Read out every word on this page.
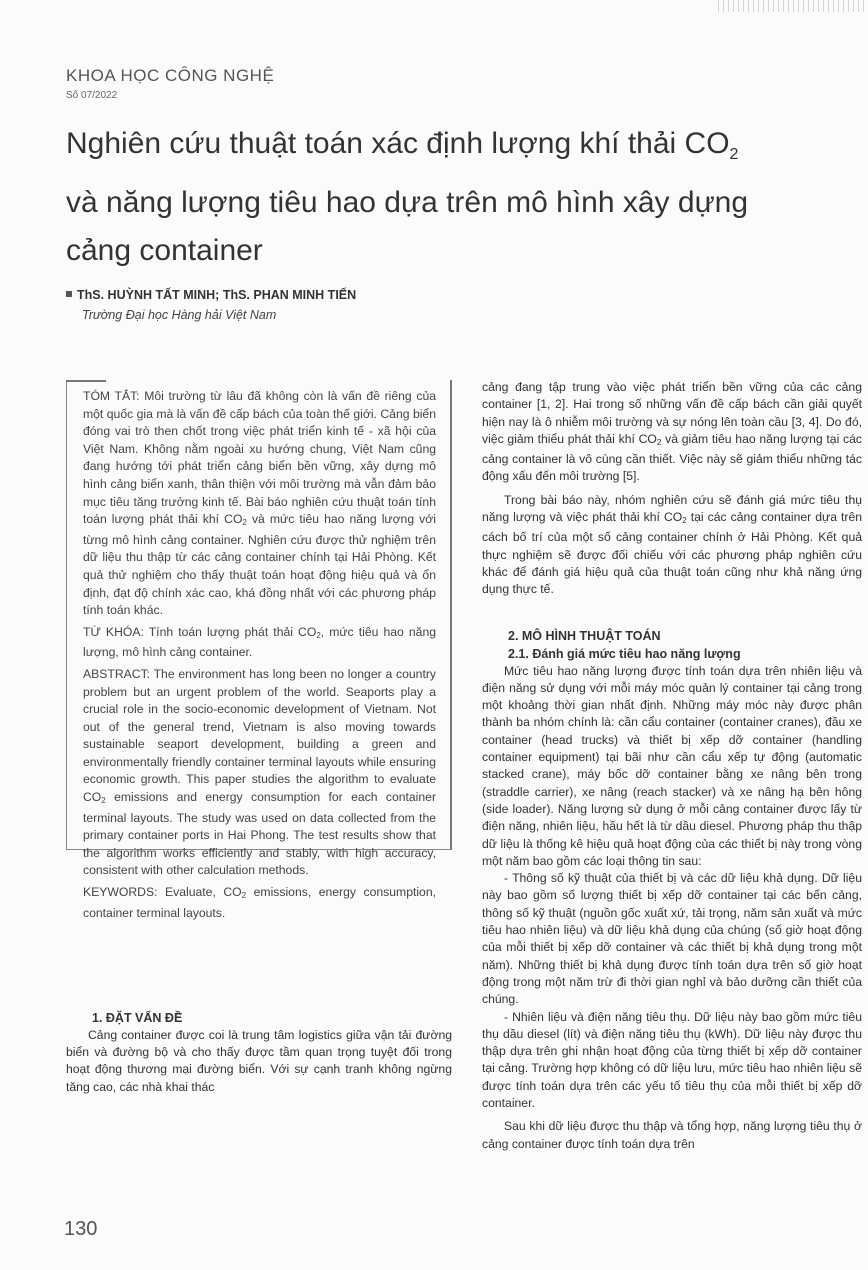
KHOA HỌC CÔNG NGHỆ
Số 07/2022
Nghiên cứu thuật toán xác định lượng khí thải $CO_2$
và năng lượng tiêu hao dựa trên mô hình xây dựng
cảng container
ThS. HUỲNH TẤT MINH; ThS. PHAN MINH TIẾN
Trường Đại học Hàng hải Việt Nam

TÓM TẮT: Môi trường từ lâu đã không còn là vấn đề riêng của một quốc gia mà là vấn đề cấp bách của toàn thế giới. Cảng biển đóng vai trò then chốt trong việc phát triển kinh tế - xã hội của Việt Nam. Không nằm ngoài xu hướng chung, Việt Nam cũng đang hướng tới phát triển cảng biển bền vững, xây dựng mô hình cảng biển xanh, thân thiện với môi trường mà vẫn đảm bảo mục tiêu tăng trưởng kinh tế. Bài báo nghiên cứu thuật toán tính toán lượng phát thải khí $CO_2$ và mức tiêu hao năng lượng với từng mô hình cảng container. Nghiên cứu được thử nghiệm trên dữ liệu thu thập từ các cảng container chính tại Hải Phòng. Kết quả thử nghiệm cho thấy thuật toán hoạt động hiệu quả và ổn định, đạt độ chính xác cao, khá đồng nhất với các phương pháp tính toán khác.

TỪ KHÓA: Tính toán lượng phát thải $CO_2$, mức tiêu hao năng lượng, mô hình cảng container.

ABSTRACT: The environment has long been no longer a country problem but an urgent problem of the world. Seaports play a crucial role in the socio-economic development of Vietnam. Not out of the general trend, Vietnam is also moving towards sustainable seaport development, building a green and environmentally friendly container terminal layouts while ensuring economic growth. This paper studies the algorithm to evaluate $CO_2$ emissions and energy consumption for each container terminal layouts. The study was used on data collected from the primary container ports in Hai Phong. The test results show that the algorithm works efficiently and stably, with high accuracy, consistent with other calculation methods.

KEYWORDS: Evaluate, $CO_2$ emissions, energy consumption, container terminal layouts.

1. ĐẶT VẤN ĐỀ

Cảng container được coi là trung tâm logistics giữa vận tải đường biển và đường bộ và cho thấy được tầm quan trọng tuyệt đối trong hoạt động thương mại đường biển. Với sự cạnh tranh không ngừng tăng cao, các nhà khai thác

cảng đang tập trung vào việc phát triển bền vững của các cảng container [1, 2]. Hai trong số những vấn đề cấp bách cần giải quyết hiện nay là ô nhiễm môi trường và sự nóng lên toàn cầu [3, 4]. Do đó, việc giảm thiểu phát thải khí $CO_2$ và giảm tiêu hao năng lượng tại các cảng container là vô cùng cần thiết. Việc này sẽ giảm thiểu những tác động xấu đến môi trường [5].

Trong bài báo này, nhóm nghiên cứu sẽ đánh giá mức tiêu thụ năng lượng và việc phát thải khí $CO_2$ tại các cảng container dựa trên cách bố trí của một số cảng container chính ở Hải Phòng. Kết quả thực nghiệm sẽ được đối chiếu với các phương pháp nghiên cứu khác để đánh giá hiệu quả của thuật toán cũng như khả năng ứng dụng thực tế.

2. MÔ HÌNH THUẬT TOÁN
2.1. Đánh giá mức tiêu hao năng lượng

Mức tiêu hao năng lượng được tính toán dựa trên nhiên liệu và điện năng sử dụng với mỗi máy móc quản lý container tại cảng trong một khoảng thời gian nhất định. Những máy móc này được phân thành ba nhóm chính là: cần cẩu container (container cranes), đầu xe container (head trucks) và thiết bị xếp dỡ container (handling container equipment) tại bãi như cần cẩu xếp tự động (automatic stacked crane), máy bốc dỡ container bằng xe nâng bên trong (straddle carrier), xe nâng (reach stacker) và xe nâng hạ bên hông (side loader). Năng lượng sử dụng ở mỗi cảng container được lấy từ điện năng, nhiên liệu, hầu hết là từ dầu diesel. Phương pháp thu thập dữ liệu là thống kê hiệu quả hoạt động của các thiết bị này trong vòng một năm bao gồm các loại thông tin sau:

- Thông số kỹ thuật của thiết bị và các dữ liệu khả dụng. Dữ liệu này bao gồm số lượng thiết bị xếp dỡ container tại các bến cảng, thông số kỹ thuật (nguồn gốc xuất xứ, tải trọng, năm sản xuất và mức tiêu hao nhiên liệu) và dữ liệu khả dụng của chúng (số giờ hoạt động của mỗi thiết bị xếp dỡ container và các thiết bị khả dụng trong một năm). Những thiết bị khả dụng được tính toán dựa trên số giờ hoạt động trong một năm trừ đi thời gian nghỉ và bảo dưỡng cần thiết của chúng.

- Nhiên liệu và điện năng tiêu thụ. Dữ liệu này bao gồm mức tiêu thụ dầu diesel (lít) và điện năng tiêu thụ (kWh). Dữ liệu này được thu thập dựa trên ghi nhận hoạt động của từng thiết bị xếp dỡ container tại cảng. Trường hợp không có dữ liệu lưu, mức tiêu hao nhiên liệu sẽ được tính toán dựa trên các yếu tố tiêu thụ của mỗi thiết bị xếp dỡ container.

Sau khi dữ liệu được thu thập và tổng hợp, năng lượng tiêu thụ ở cảng container được tính toán dựa trên

130
